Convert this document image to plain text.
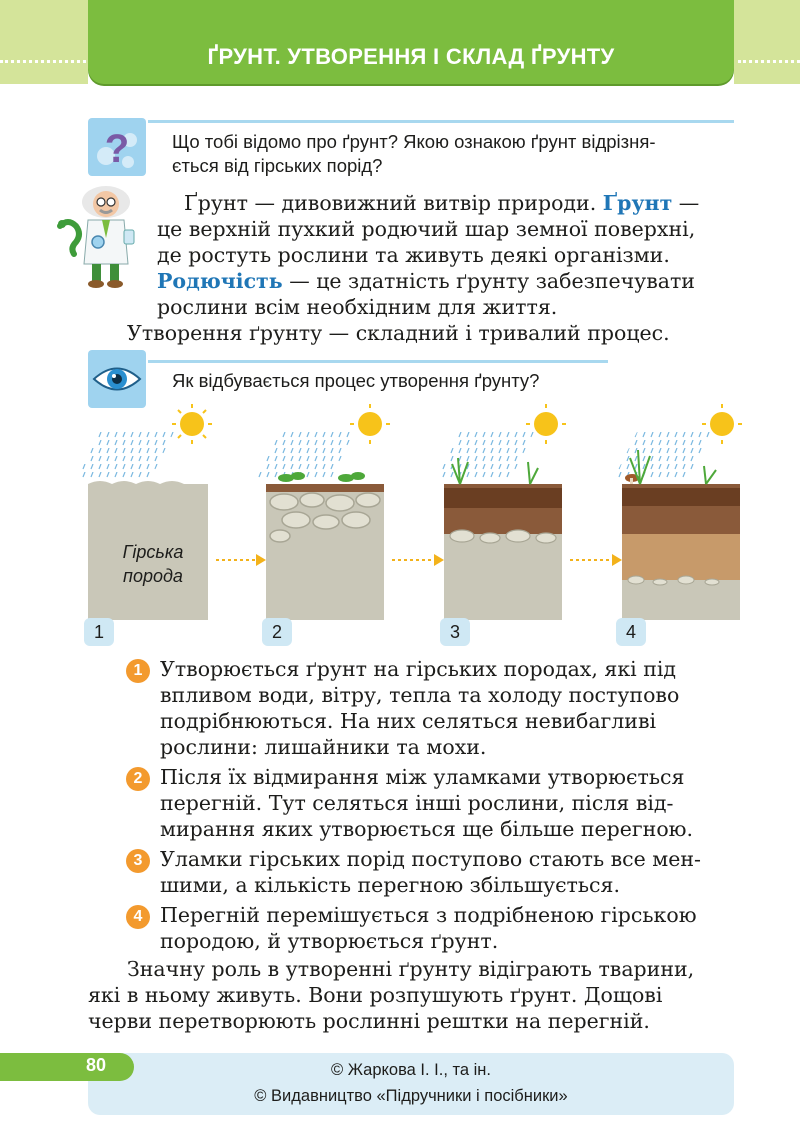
ҐРУНТ. УТВОРЕННЯ І СКЛАД ҐРУНТУ
? Що тобі відомо про ґрунт? Якою ознакою ґрунт відрізня-
ється від гірських порід?
Ґрунт — дивовижний витвір природи. Ґрунт —
це верхній пухкий родючий шар земної поверхні,
де ростуть рослини та живуть деякі організми.
Родючість — це здатність ґрунту забезпечувати
рослини всім необхідним для життя.
Утворення ґрунту — складний і тривалий процес.
Як відбувається процес утворення ґрунту?
Гірська
порода
1	2	3	4
1 Утворюється ґрунт на гірських породах, які під
впливом води, вітру, тепла та холоду поступово
подрібнюються. На них селяться невибагливі
рослини: лишайники та мохи.
2 Після їх відмирання між уламками утворюється
перегній. Тут селяться інші рослини, після від-
мирання яких утворюється ще більше перегною.
3 Уламки гірських порід поступово стають все мен-
шими, а кількість перегною збільшується.
4 Перегній перемішується з подрібненою гірською
породою, й утворюється ґрунт.
Значну роль в утворенні ґрунту відіграють тварини,
які в ньому живуть. Вони розпушують ґрунт. Дощові
черви перетворюють рослинні рештки на перегній.
80	© Жаркова І. І., та ін.
© Видавництво «Підручники і посібники»
